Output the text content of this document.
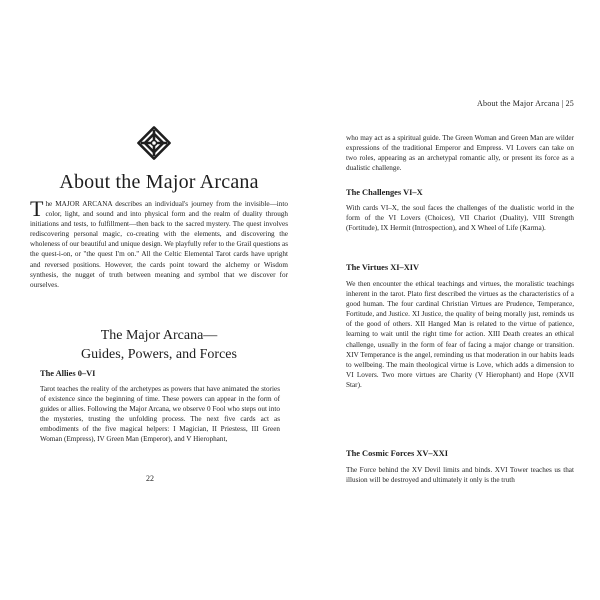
About the Major Arcana | 25
About the Major Arcana

T he MAJOR ARCANA describes an individual's journey from the invisible—into color, light, and sound and into physical form and the realm of duality through initiations and tests, to fulfillment—then back to the sacred mystery. The quest involves rediscovering personal magic, co-creating with the elements, and discovering the wholeness of our beautiful and unique design. We playfully refer to the Grail questions as the quest-i-on, or "the quest I'm on." All the Celtic Elemental Tarot cards have upright and reversed positions. However, the cards point toward the alchemy or Wisdom synthesis, the nugget of truth between meaning and symbol that we discover for ourselves.

The Major Arcana—
Guides, Powers, and Forces
The Allies 0–VI

Tarot teaches the reality of the archetypes as powers that have animated the stories of existence since the beginning of time. These powers can appear in the form of guides or allies. Following the Major Arcana, we observe 0 Fool who steps out into the mysteries, trusting the unfolding process. The next five cards act as embodiments of the five magical helpers: I Magician, II Priestess, III Green Woman (Empress), IV Green Man (Emperor), and V Hierophant,

22

who may act as a spiritual guide. The Green Woman and Green Man are wilder expressions of the traditional Emperor and Empress. VI Lovers can take on two roles, appearing as an archetypal romantic ally, or present its force as a dualistic challenge.

The Challenges VI–X

With cards VI–X, the soul faces the challenges of the dualistic world in the form of the VI Lovers (Choices), VII Chariot (Duality), VIII Strength (Fortitude), IX Hermit (Introspection), and X Wheel of Life (Karma).

The Virtues XI–XIV

We then encounter the ethical teachings and virtues, the moralistic teachings inherent in the tarot. Plato first described the virtues as the characteristics of a good human. The four cardinal Christian Virtues are Prudence, Temperance, Fortitude, and Justice. XI Justice, the quality of being morally just, reminds us of the good of others. XII Hanged Man is related to the virtue of patience, learning to wait until the right time for action. XIII Death creates an ethical challenge, usually in the form of fear of facing a major change or transition. XIV Temperance is the angel, reminding us that moderation in our habits leads to wellbeing. The main theological virtue is Love, which adds a dimension to VI Lovers. Two more virtues are Charity (V Hierophant) and Hope (XVII Star).

The Cosmic Forces XV–XXI

The Force behind the XV Devil limits and binds. XVI Tower teaches us that illusion will be destroyed and ultimately it only is the truth
